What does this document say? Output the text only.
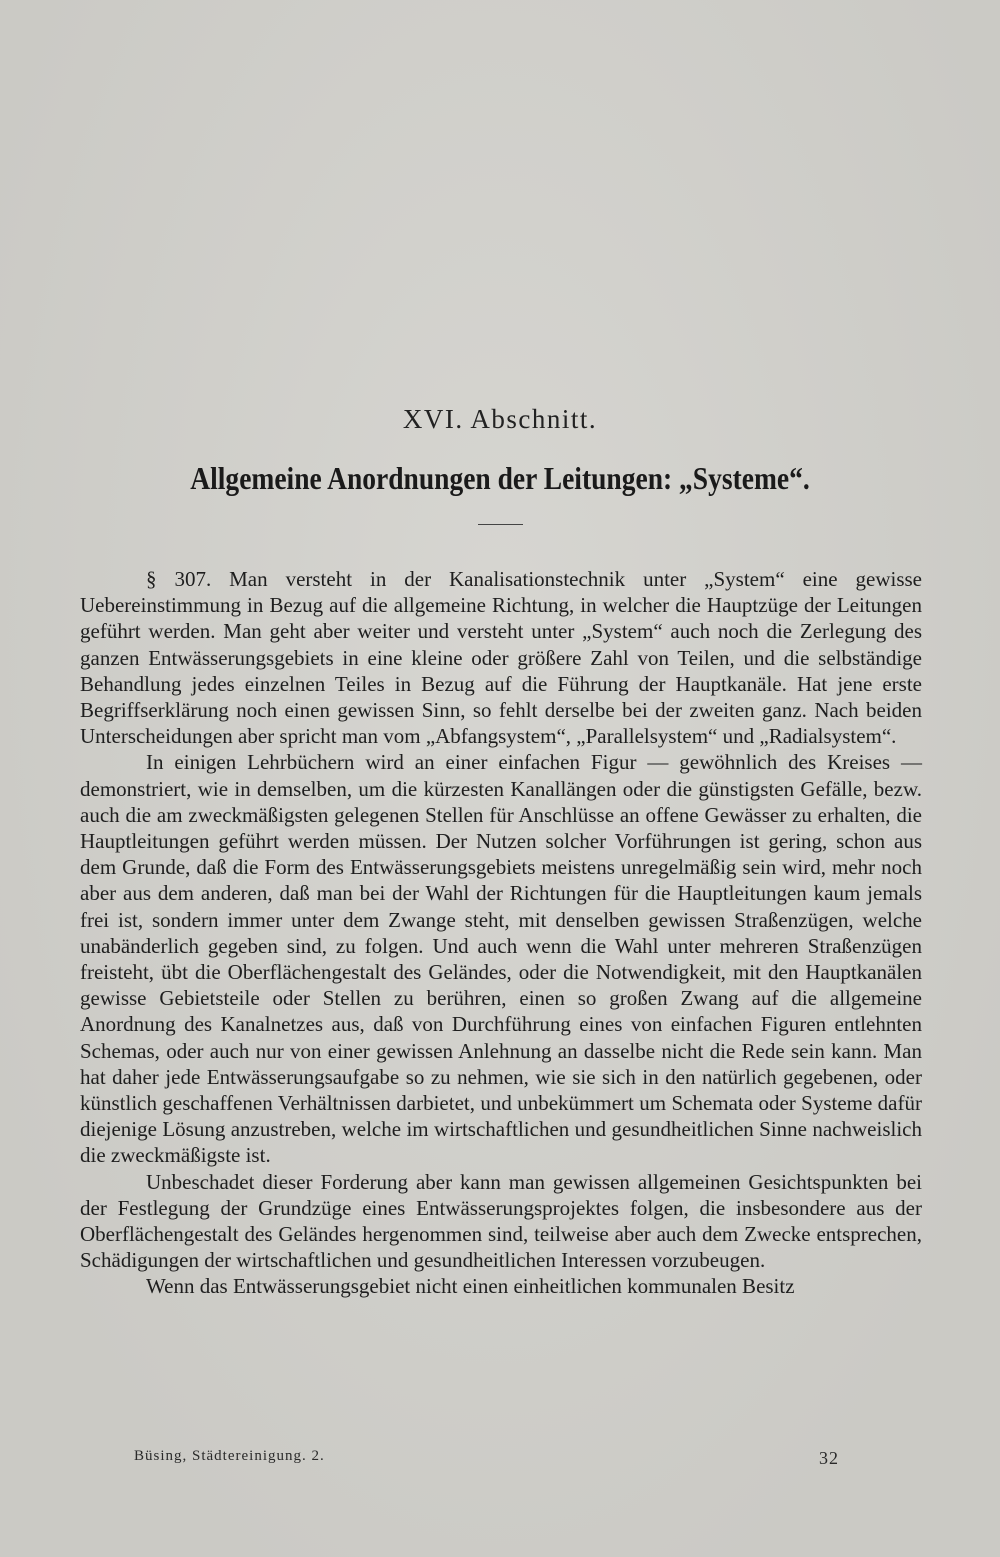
XVI. Abschnitt.
Allgemeine Anordnungen der Leitungen: „Systeme“.

§ 307. Man versteht in der Kanalisationstechnik unter „System“ eine gewisse Uebereinstimmung in Bezug auf die allgemeine Richtung, in welcher die Hauptzüge der Leitungen geführt werden. Man geht aber weiter und versteht unter „System“ auch noch die Zerlegung des ganzen Entwässerungsgebiets in eine kleine oder größere Zahl von Teilen, und die selbständige Behandlung jedes einzelnen Teiles in Bezug auf die Führung der Hauptkanäle. Hat jene erste Begriffserklärung noch einen gewissen Sinn, so fehlt derselbe bei der zweiten ganz. Nach beiden Unterscheidungen aber spricht man vom „Abfangsystem“, „Parallelsystem“ und „Radialsystem“.

In einigen Lehrbüchern wird an einer einfachen Figur — gewöhnlich des Kreises — demonstriert, wie in demselben, um die kürzesten Kanallängen oder die günstigsten Gefälle, bezw. auch die am zweckmäßigsten gelegenen Stellen für Anschlüsse an offene Gewässer zu erhalten, die Hauptleitungen geführt werden müssen. Der Nutzen solcher Vorführungen ist gering, schon aus dem Grunde, daß die Form des Entwässerungsgebiets meistens unregelmäßig sein wird, mehr noch aber aus dem anderen, daß man bei der Wahl der Richtungen für die Hauptleitungen kaum jemals frei ist, sondern immer unter dem Zwange steht, mit denselben gewissen Straßenzügen, welche unabänderlich gegeben sind, zu folgen. Und auch wenn die Wahl unter mehreren Straßenzügen freisteht, übt die Oberflächengestalt des Geländes, oder die Notwendigkeit, mit den Hauptkanälen gewisse Gebietsteile oder Stellen zu berühren, einen so großen Zwang auf die allgemeine Anordnung des Kanalnetzes aus, daß von Durchführung eines von einfachen Figuren entlehnten Schemas, oder auch nur von einer gewissen Anlehnung an dasselbe nicht die Rede sein kann. Man hat daher jede Entwässerungsaufgabe so zu nehmen, wie sie sich in den natürlich gegebenen, oder künstlich geschaffenen Verhältnissen darbietet, und unbekümmert um Schemata oder Systeme dafür diejenige Lösung anzustreben, welche im wirtschaftlichen und gesundheitlichen Sinne nachweislich die zweckmäßigste ist.

Unbeschadet dieser Forderung aber kann man gewissen allgemeinen Gesichtspunkten bei der Festlegung der Grundzüge eines Entwässerungsprojektes folgen, die insbesondere aus der Oberflächengestalt des Geländes hergenommen sind, teilweise aber auch dem Zwecke entsprechen, Schädigungen der wirtschaftlichen und gesundheitlichen Interessen vorzubeugen.

Wenn das Entwässerungsgebiet nicht einen einheitlichen kommunalen Besitz

Büsing, Städtereinigung. 2.	32
